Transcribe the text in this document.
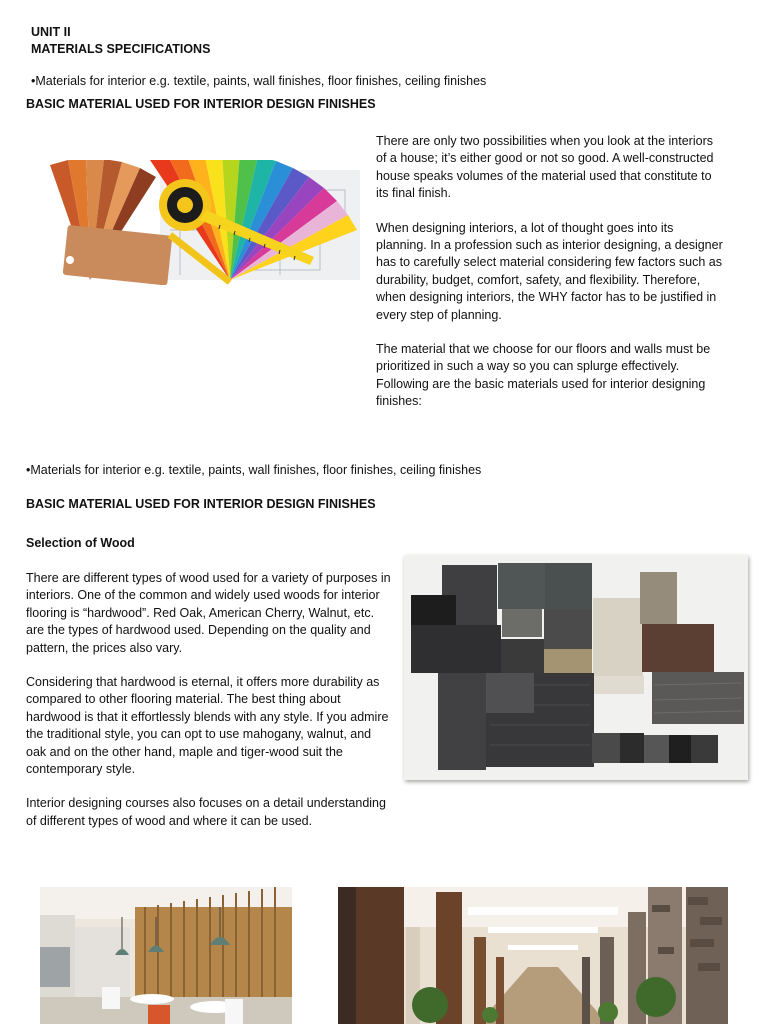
UNIT II
MATERIALS SPECIFICATIONS
•Materials for interior e.g. textile, paints, wall finishes, floor finishes, ceiling finishes
BASIC MATERIAL USED FOR INTERIOR DESIGN FINISHES

There are only two possibilities when you look at the interiors of a house; it’s either good or not so good. A well-constructed house speaks volumes of the material used that constitute to its final finish.

When designing interiors, a lot of thought goes into its planning. In a profession such as interior designing, a designer has to carefully select material considering few factors such as durability, budget, comfort, safety, and flexibility. Therefore, when designing interiors, the WHY factor has to be justified in every step of planning.

The material that we choose for our floors and walls must be prioritized in such a way so you can splurge effectively. Following are the basic materials used for interior designing finishes:

•Materials for interior e.g. textile, paints, wall finishes, floor finishes, ceiling finishes
BASIC MATERIAL USED FOR INTERIOR DESIGN FINISHES
Selection of Wood

There are different types of wood used for a variety of purposes in interiors. One of the common and widely used woods for interior flooring is “hardwood”. Red Oak, American Cherry, Walnut, etc. are the types of hardwood used. Depending on the quality and pattern, the prices also vary.

Considering that hardwood is eternal, it offers more durability as compared to other flooring material. The best thing about hardwood is that it effortlessly blends with any style. If you admire the traditional style, you can opt to use mahogany, walnut, and oak and on the other hand, maple and tiger-wood suit the contemporary style.

Interior designing courses also focuses on a detail understanding of different types of wood and where it can be used.
